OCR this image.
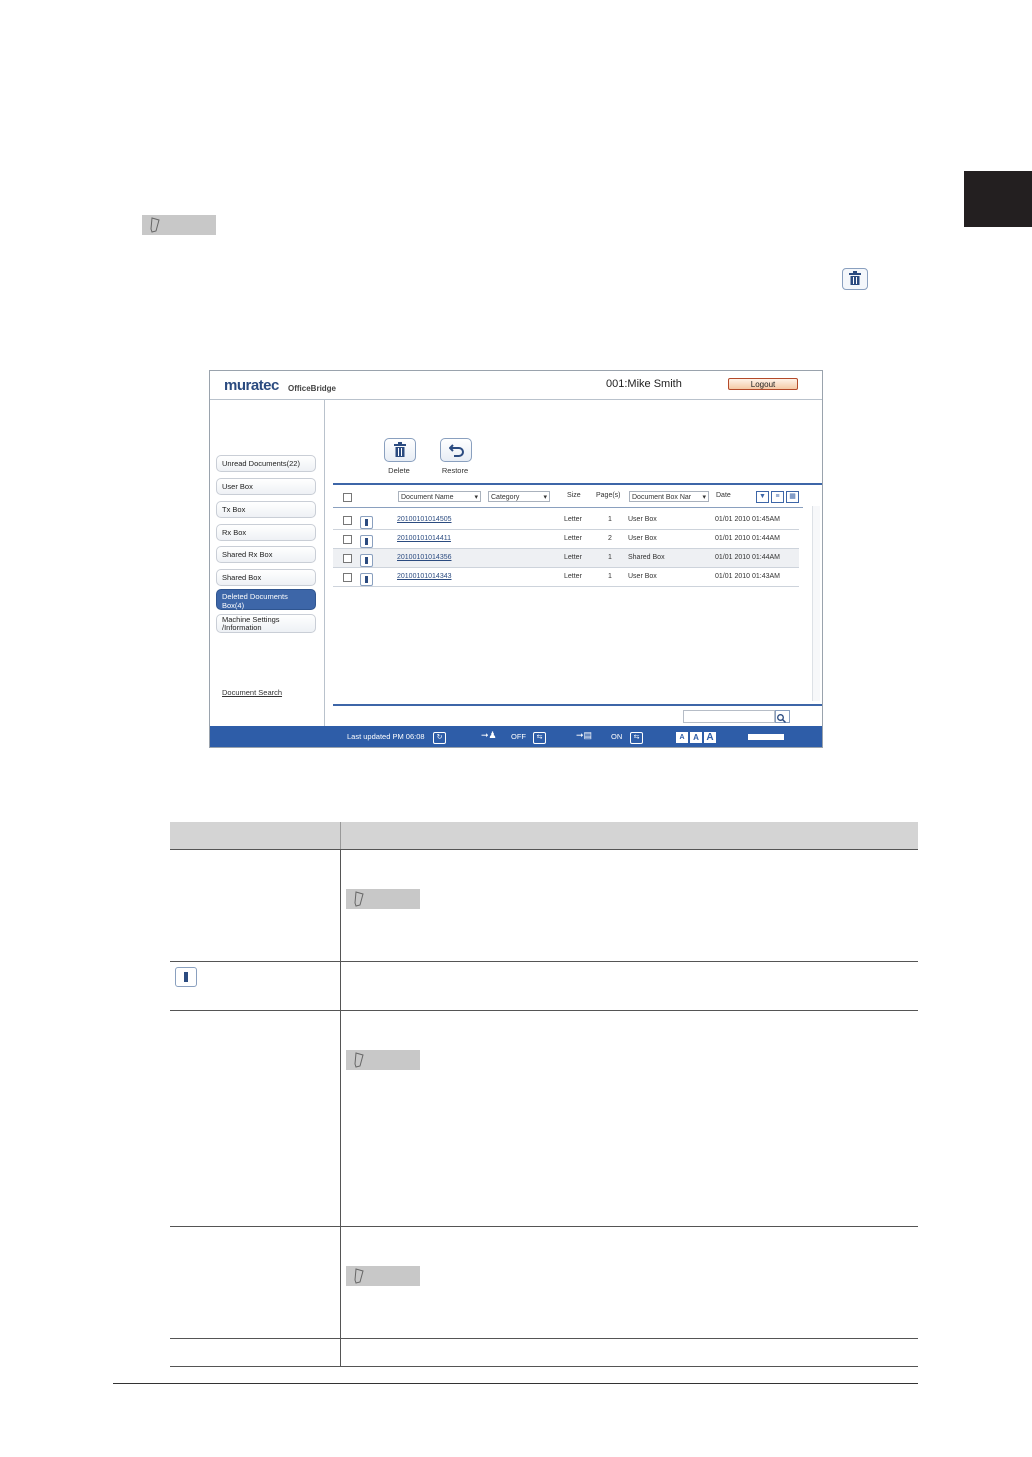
muratec OfficeBridge	001:Mike Smith	Logout
Unread Documents(22)
User Box
Tx Box
Rx Box
Shared Rx Box
Shared Box
Deleted Documents Box(4)
Machine Settings /Information
Document Search
Delete	Restore
Document Name ▾	Category ▾	Size Page(s)	Document Box Nar ▾	Date	▼	≡	▦
20100101014505	Letter	1 User Box	01/01 2010 01:45AM
20100101014411	Letter	2 User Box	01/01 2010 01:44AM
20100101014356	Letter	1 Shared Box	01/01 2010 01:44AM
20100101014343	Letter	1 User Box	01/01 2010 01:43AM
Last updated PM 06:08	↻	➞♟ OFF	⇆	➞▤	ON	⇆	A	A A
